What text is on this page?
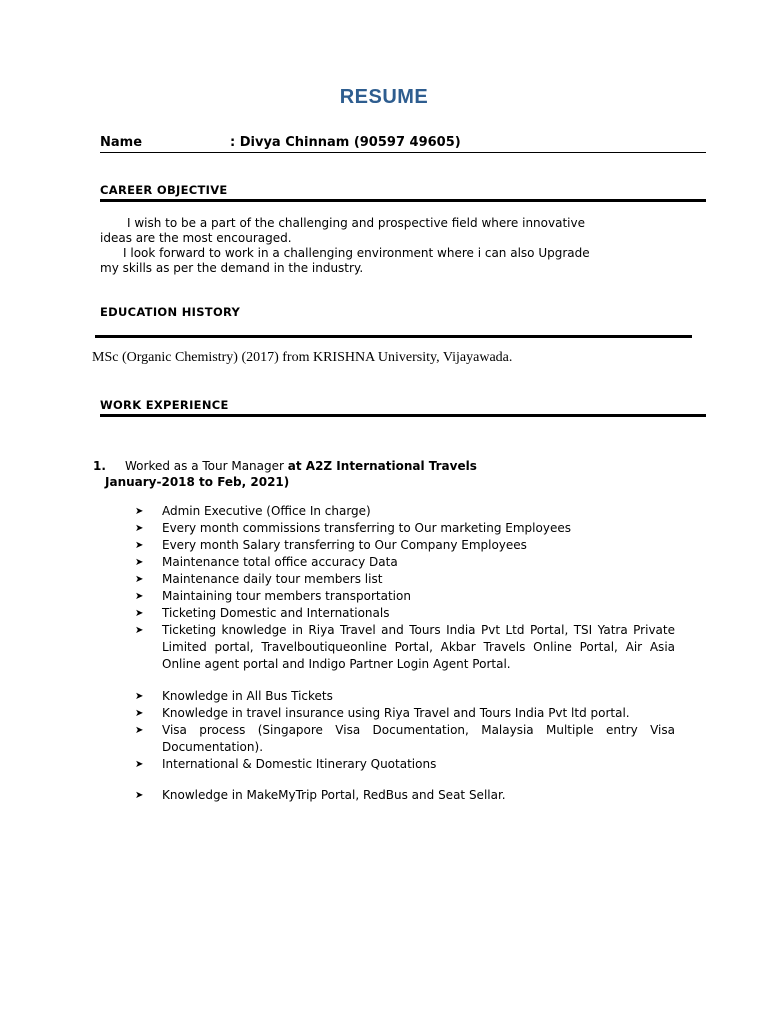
RESUME
Name	: Divya Chinnam (90597 49605)
CAREER OBJECTIVE
I wish to be a part of the challenging and prospective field where innovative
ideas are the most encouraged.
I look forward to work in a challenging environment where i can also Upgrade
my skills as per the demand in the industry.
EDUCATION HISTORY
MSc (Organic Chemistry) (2017) from KRISHNA University, Vijayawada.
WORK EXPERIENCE
1. Worked as a Tour Manager at A2Z International Travels
January-2018 to Feb, 2021)
➤ Admin Executive (Office In charge)
➤ Every month commissions transferring to Our marketing Employees
➤ Every month Salary transferring to Our Company Employees
➤ Maintenance total office accuracy Data
➤ Maintenance daily tour members list
➤ Maintaining tour members transportation
➤ Ticketing Domestic and Internationals
➤ Ticketing knowledge in Riya Travel and Tours India Pvt Ltd Portal, TSI Yatra Private Limited portal, Travelboutiqueonline Portal, Akbar Travels Online Portal, Air Asia Online agent portal and Indigo Partner Login Agent Portal.
➤ Knowledge in All Bus Tickets
➤ Knowledge in travel insurance using Riya Travel and Tours India Pvt ltd portal.
➤ Visa process (Singapore Visa Documentation, Malaysia Multiple entry Visa Documentation).
➤ International & Domestic Itinerary Quotations
➤ Knowledge in MakeMyTrip Portal, RedBus and Seat Sellar.
